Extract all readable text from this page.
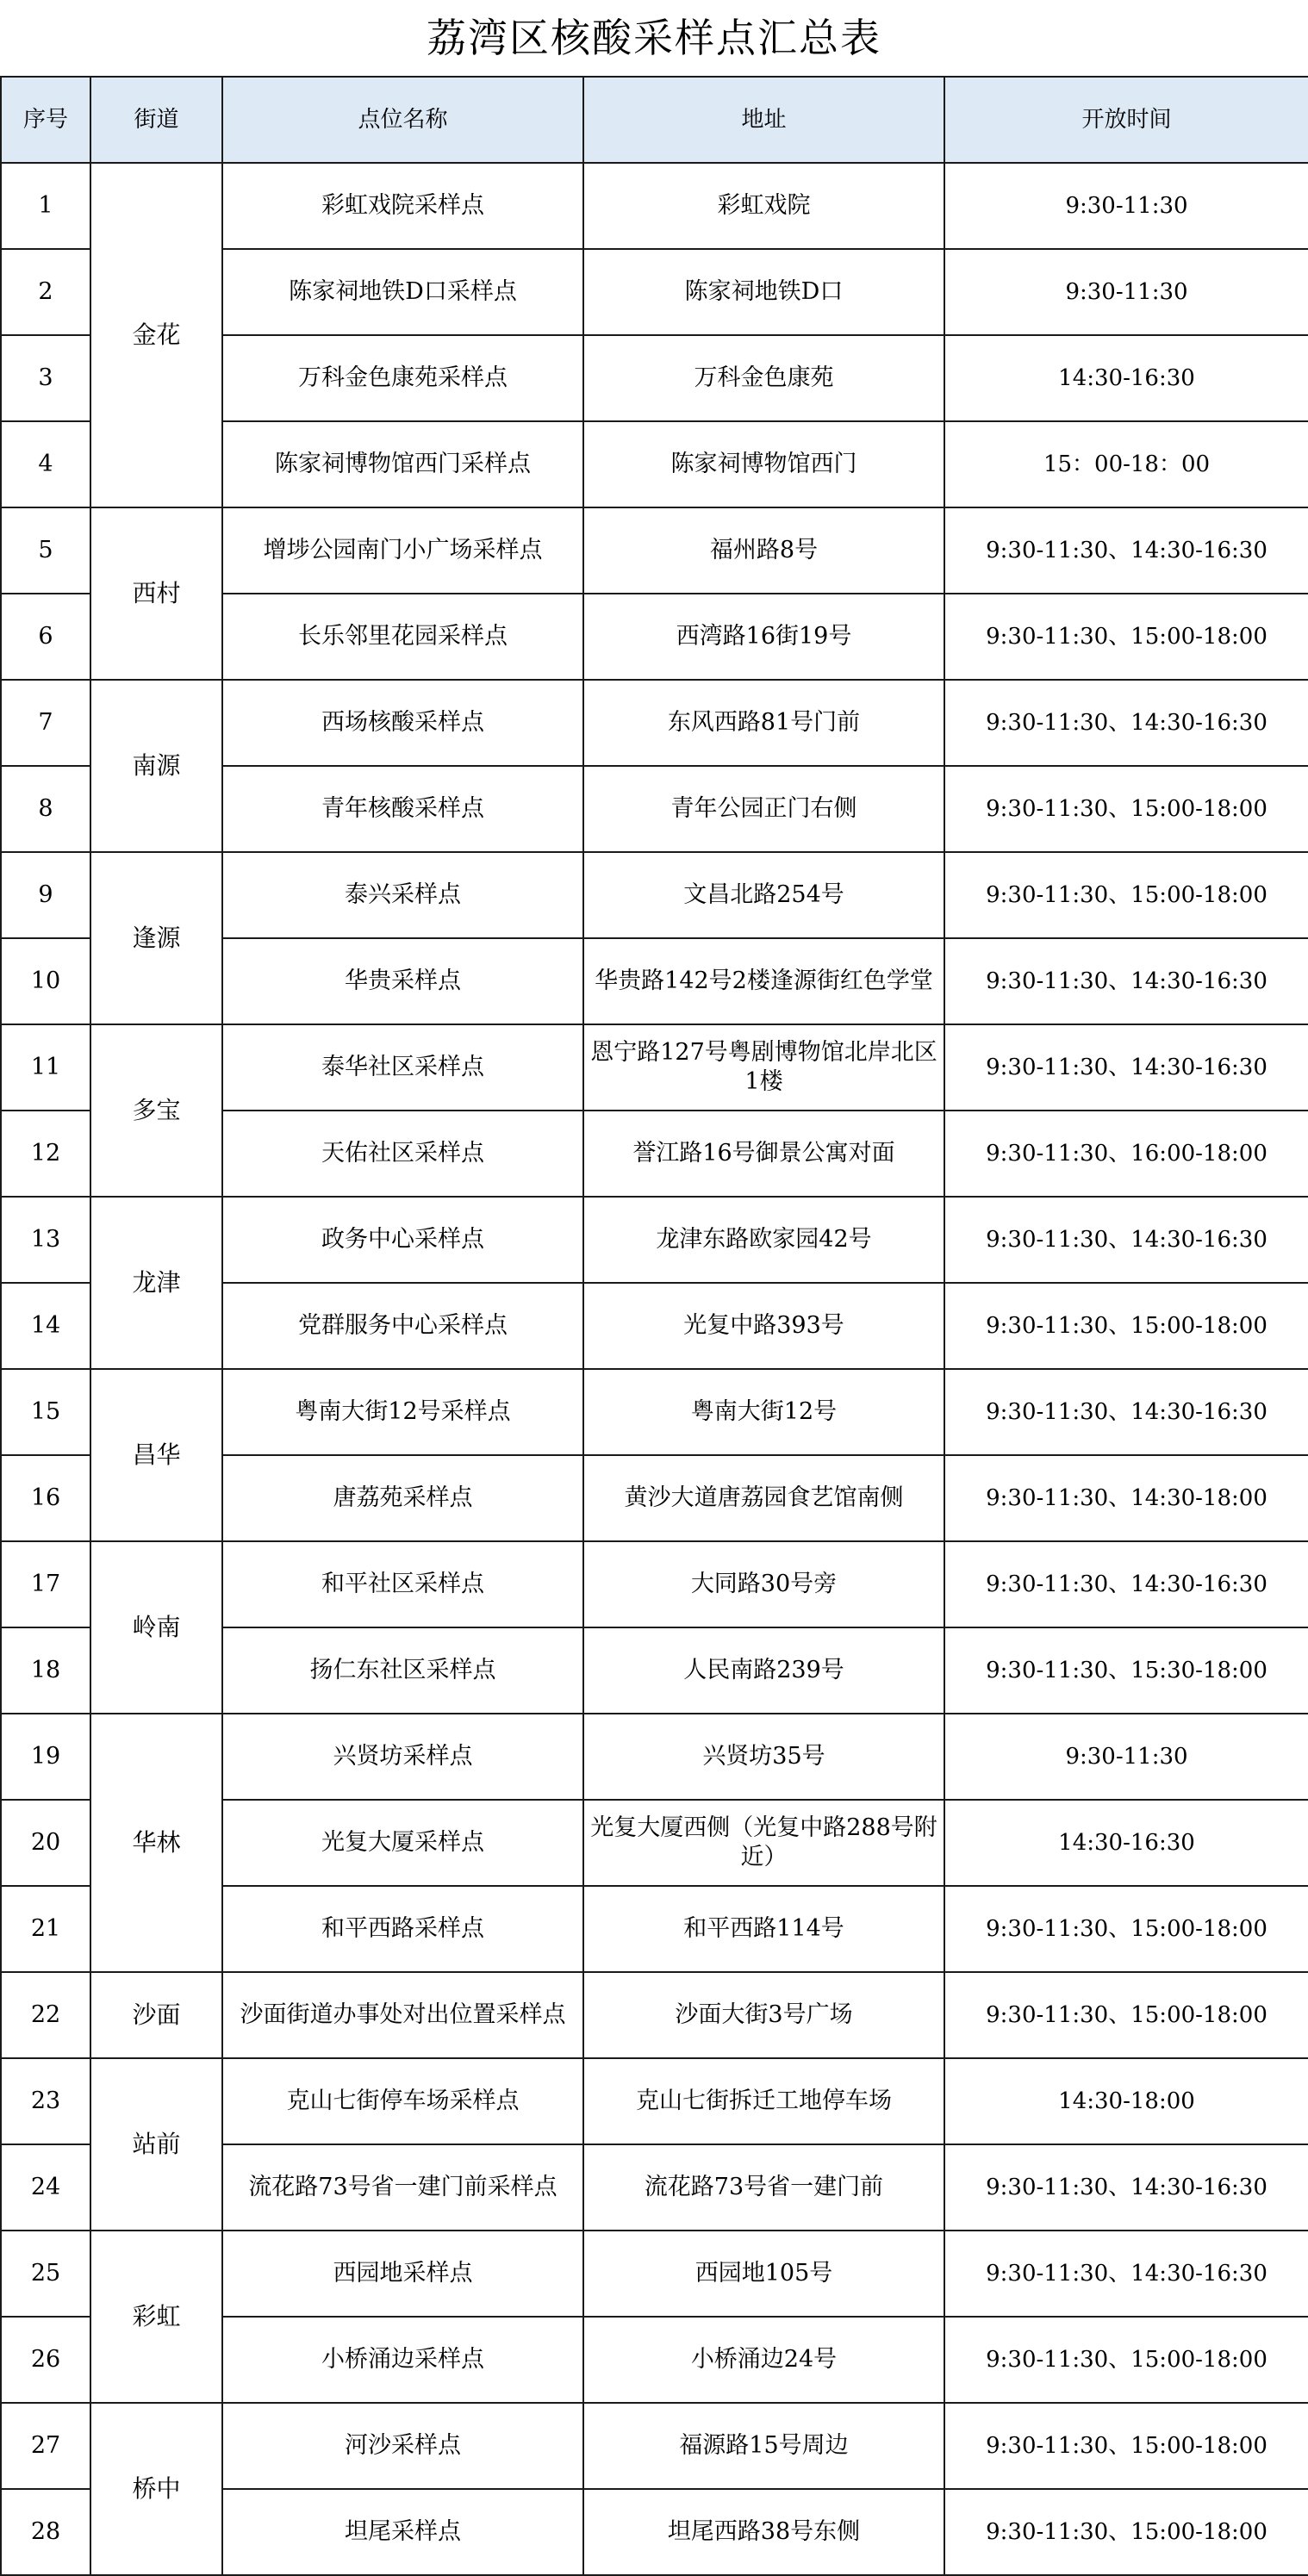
荔湾区核酸采样点汇总表
序号	街道	点位名称	地址	开放时间
1	金花	彩虹戏院采样点	彩虹戏院	9:30-11:30
2		陈家祠地铁D口采样点	陈家祠地铁D口	9:30-11:30
3		万科金色康苑采样点	万科金色康苑	14:30-16:30
4		陈家祠博物馆西门采样点	陈家祠博物馆西门	15：00-18：00
5	西村	增埗公园南门小广场采样点	福州路8号	9:30-11:30、14:30-16:30
6		长乐邻里花园采样点	西湾路16街19号	9:30-11:30、15:00-18:00
7	南源	西场核酸采样点	东风西路81号门前	9:30-11:30、14:30-16:30
8		青年核酸采样点	青年公园正门右侧	9:30-11:30、15:00-18:00
9	逢源	泰兴采样点	文昌北路254号	9:30-11:30、15:00-18:00
10		华贵采样点	华贵路142号2楼逢源街红色学堂	9:30-11:30、14:30-16:30
11	多宝	泰华社区采样点	恩宁路127号粤剧博物馆北岸北区1楼	9:30-11:30、14:30-16:30
12		天佑社区采样点	誉江路16号御景公寓对面	9:30-11:30、16:00-18:00
13	龙津	政务中心采样点	龙津东路欧家园42号	9:30-11:30、14:30-16:30
14		党群服务中心采样点	光复中路393号	9:30-11:30、15:00-18:00
15	昌华	粤南大街12号采样点	粤南大街12号	9:30-11:30、14:30-16:30
16		唐荔苑采样点	黄沙大道唐荔园食艺馆南侧	9:30-11:30、14:30-18:00
17	岭南	和平社区采样点	大同路30号旁	9:30-11:30、14:30-16:30
18		扬仁东社区采样点	人民南路239号	9:30-11:30、15:30-18:00
19	华林	兴贤坊采样点	兴贤坊35号	9:30-11:30
20		光复大厦采样点	光复大厦西侧（光复中路288号附近）	14:30-16:30
21		和平西路采样点	和平西路114号	9:30-11:30、15:00-18:00
22	沙面	沙面街道办事处对出位置采样点	沙面大街3号广场	9:30-11:30、15:00-18:00
23	站前	克山七街停车场采样点	克山七街拆迁工地停车场	14:30-18:00
24		流花路73号省一建门前采样点	流花路73号省一建门前	9:30-11:30、14:30-16:30
25	彩虹	西园地采样点	西园地105号	9:30-11:30、14:30-16:30
26		小桥涌边采样点	小桥涌边24号	9:30-11:30、15:00-18:00
27	桥中	河沙采样点	福源路15号周边	9:30-11:30、15:00-18:00
28		坦尾采样点	坦尾西路38号东侧	9:30-11:30、15:00-18:00
